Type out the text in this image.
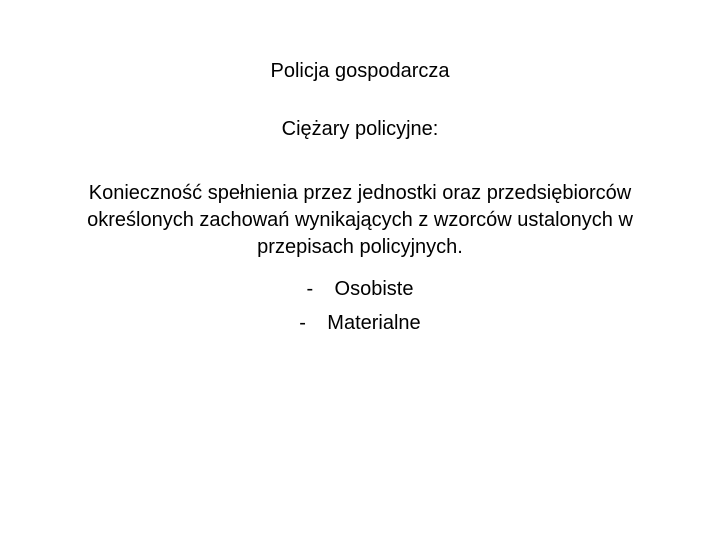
Policja gospodarcza
Ciężary policyjne:
Konieczność spełnienia przez jednostki oraz przedsiębiorców określonych zachowań wynikających z wzorców ustalonych w przepisach policyjnych.
- Osobiste
- Materialne
